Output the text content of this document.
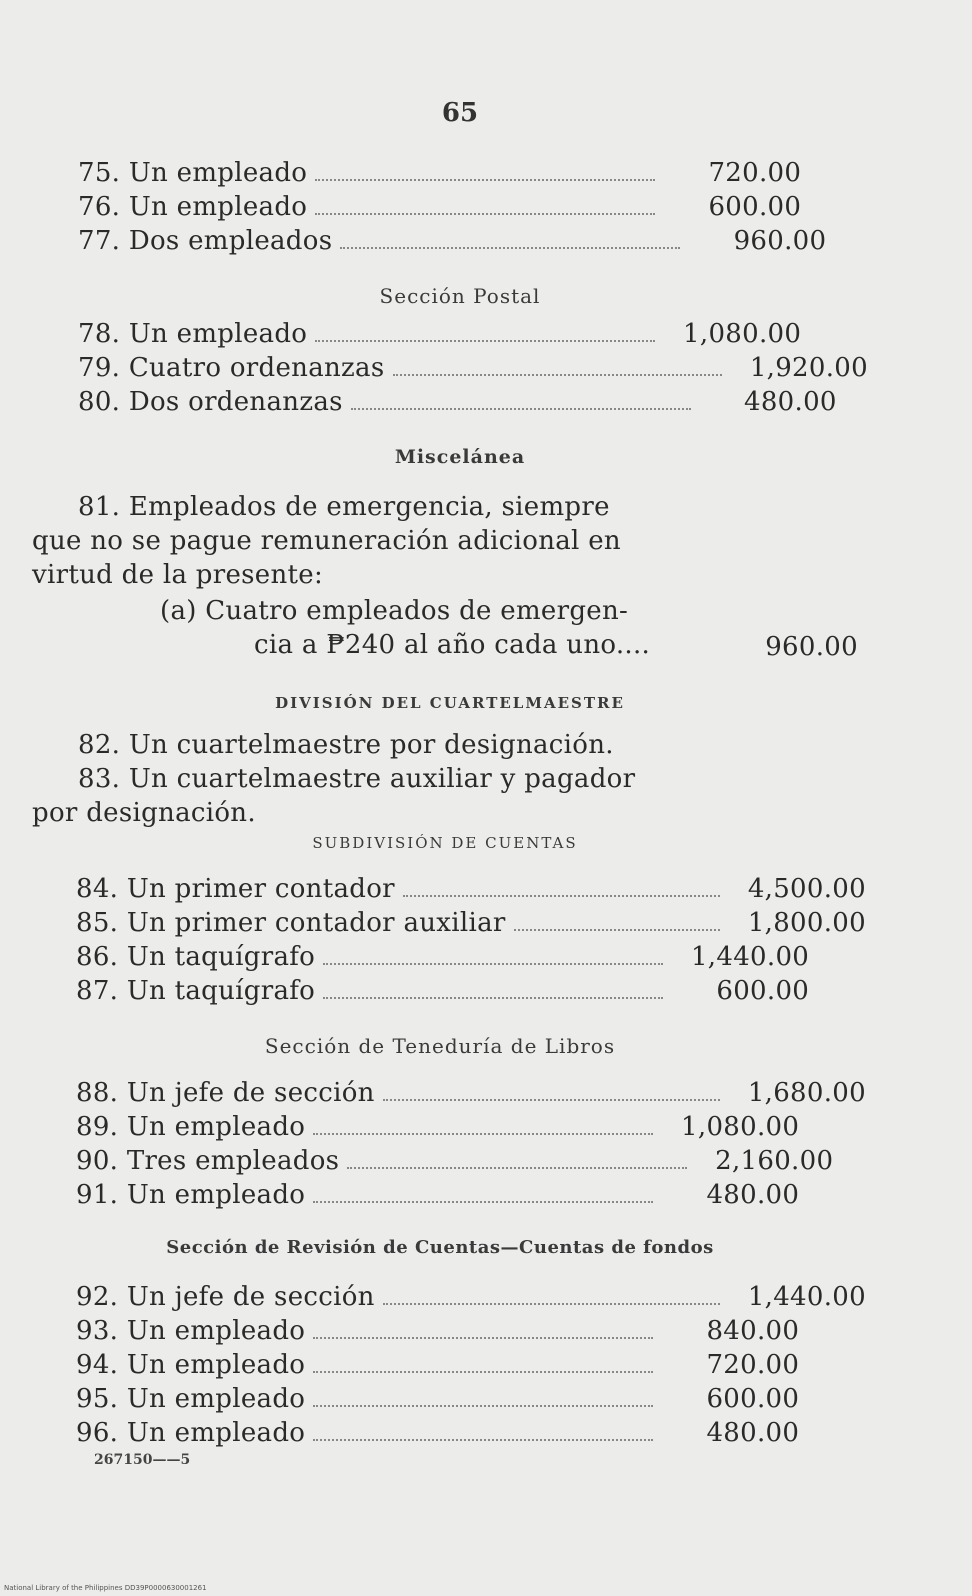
65
75. Un empleado	720.00
76. Un empleado	600.00
77. Dos empleados	960.00
Sección Postal
78. Un empleado	1,080.00
79. Cuatro ordenanzas	1,920.00
80. Dos ordenanzas	480.00
Miscelánea
81. Empleados de emergencia, siempre
que no se pague remuneración adicional en
virtud de la presente:
(a) Cuatro empleados de emergen-
cia a ₱240 al año cada uno....	960.00
DIVISIÓN DEL CUARTELMAESTRE
82. Un cuartelmaestre por designación.
83. Un cuartelmaestre auxiliar y pagador
por designación.
SUBDIVISIÓN DE CUENTAS
84. Un primer contador	4,500.00
85. Un primer contador auxiliar	1,800.00
86. Un taquígrafo	1,440.00
87. Un taquígrafo	600.00
Sección de Teneduría de Libros
88. Un jefe de sección	1,680.00
89. Un empleado	1,080.00
90. Tres empleados	2,160.00
91. Un empleado	480.00
Sección de Revisión de Cuentas—Cuentas de fondos
92. Un jefe de sección	1,440.00
93. Un empleado	840.00
94. Un empleado	720.00
95. Un empleado	600.00
96. Un empleado	480.00
267150——5
National Library of the Philippines DD39P0000630001261
